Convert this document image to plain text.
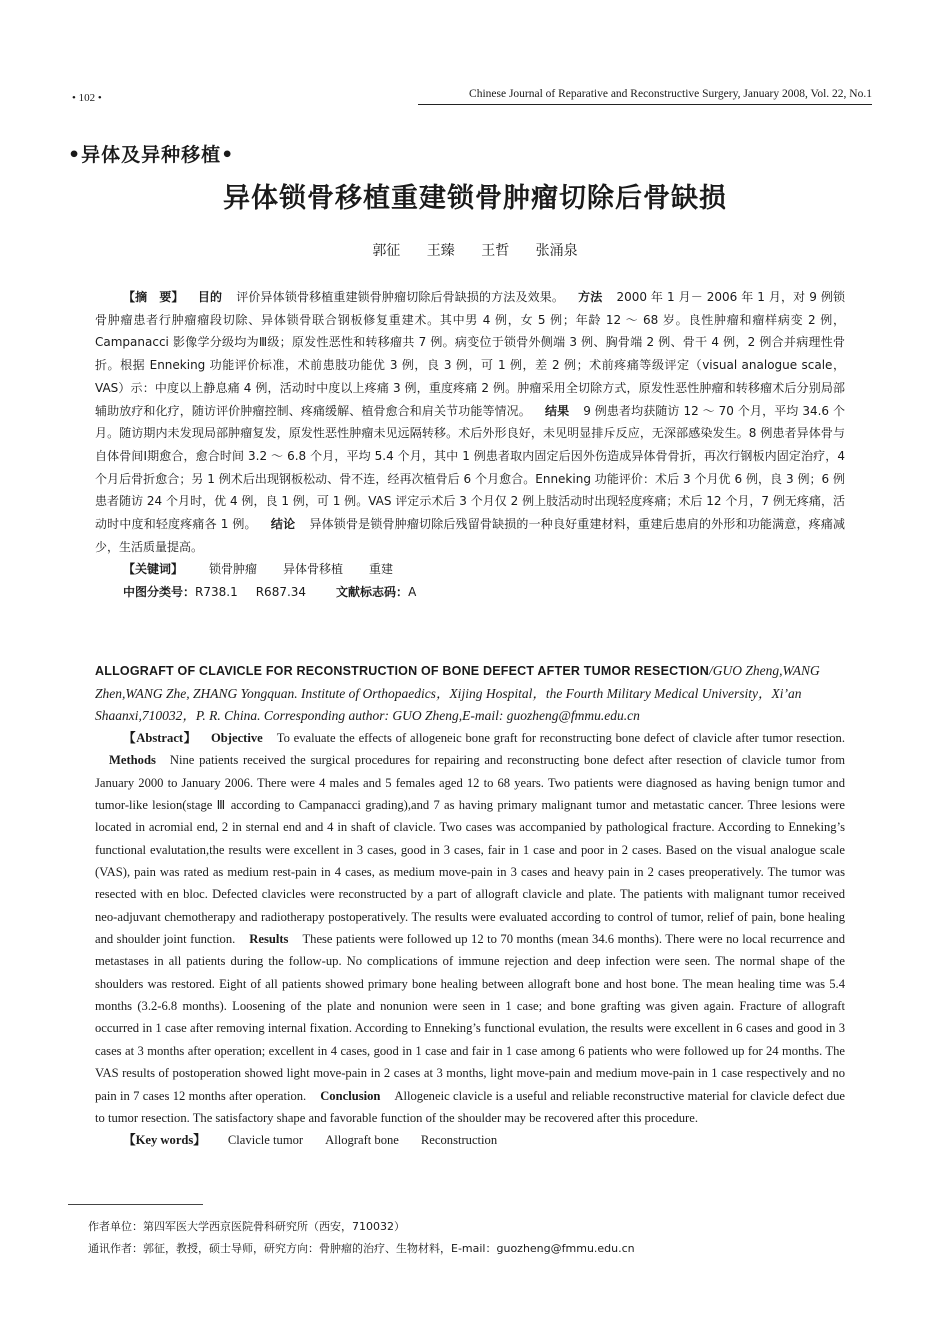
• 102 •	Chinese Journal of Reparative and Reconstructive Surgery, January 2008, Vol. 22, No.1
•异体及异种移植•
异体锁骨移植重建锁骨肿瘤切除后骨缺损
郭征 王臻 王哲 张涌泉

【摘　要】 目的 评价异体锁骨移植重建锁骨肿瘤切除后骨缺损的方法及效果。 方法 2000 年 1 月－ 2006 年 1 月，对 9 例锁骨肿瘤患者行肿瘤瘤段切除、异体锁骨联合钢板修复重建术。其中男 4 例，女 5 例；年龄 12 ～ 68 岁。良性肿瘤和瘤样病变 2 例，Campanacci 影像学分级均为Ⅲ级；原发性恶性和转移瘤共 7 例。病变位于锁骨外侧端 3 例、胸骨端 2 例、骨干 4 例，2 例合并病理性骨折。根据 Enneking 功能评价标准，术前患肢功能优 3 例，良 3 例，可 1 例，差 2 例；术前疼痛等级评定（visual analogue scale，VAS）示：中度以上静息痛 4 例，活动时中度以上疼痛 3 例，重度疼痛 2 例。肿瘤采用全切除方式，原发性恶性肿瘤和转移瘤术后分别局部辅助放疗和化疗，随访评价肿瘤控制、疼痛缓解、植骨愈合和肩关节功能等情况。 结果 9 例患者均获随访 12 ～ 70 个月，平均 34.6 个月。随访期内未发现局部肿瘤复发，原发性恶性肿瘤未见远隔转移。术后外形良好，未见明显排斥反应，无深部感染发生。8 例患者异体骨与自体骨间Ⅰ期愈合，愈合时间 3.2 ～ 6.8 个月，平均 5.4 个月，其中 1 例患者取内固定后因外伤造成异体骨骨折，再次行钢板内固定治疗，4 个月后骨折愈合；另 1 例术后出现钢板松动、骨不连，经再次植骨后 6 个月愈合。Enneking 功能评价：术后 3 个月优 6 例，良 3 例；6 例患者随访 24 个月时，优 4 例，良 1 例，可 1 例。VAS 评定示术后 3 个月仅 2 例上肢活动时出现轻度疼痛；术后 12 个月，7 例无疼痛，活动时中度和轻度疼痛各 1 例。 结论 异体锁骨是锁骨肿瘤切除后残留骨缺损的一种良好重建材料，重建后患肩的外形和功能满意，疼痛减少，生活质量提高。

【关键词】 锁骨肿瘤 异体骨移植 重建

中图分类号：R738.1 R687.34	文献标志码：A

ALLOGRAFT OF CLAVICLE FOR RECONSTRUCTION OF BONE DEFECT AFTER TUMOR RESECTION/GUO Zheng,WANG Zhen,WANG Zhe, ZHANG Yongquan. Institute of Orthopaedics，Xijing Hospital，the Fourth Military Medical University，Xi’an Shaanxi,710032，P. R. China. Corresponding author: GUO Zheng,E-mail: guozheng@fmmu.edu.cn

【Abstract】 Objective To evaluate the effects of allogeneic bone graft for reconstructing bone defect of clavicle after tumor resection.Methods Nine patients received the surgical procedures for repairing and reconstructing bone defect after resection of clavicle tumor from January 2000 to January 2006. There were 4 males and 5 females aged 12 to 68 years. Two patients were diagnosed as having benign tumor and tumor-like lesion(stage Ⅲ according to Campanacci grading),and 7 as having primary malignant tumor and metastatic cancer. Three lesions were located in acromial end, 2 in sternal end and 4 in shaft of clavicle. Two cases was accompanied by pathological fracture. According to Enneking’s functional evalutation,the results were excellent in 3 cases, good in 3 cases, fair in 1 case and poor in 2 cases. Based on the visual analogue scale (VAS), pain was rated as medium rest-pain in 4 cases, as medium move-pain in 3 cases and heavy pain in 2 cases preoperatively. The tumor was resected with en bloc. Defected clavicles were reconstructed by a part of allograft clavicle and plate. The patients with malignant tumor received neo-adjuvant chemotherapy and radiotherapy postoperatively. The results were evaluated according to control of tumor, relief of pain, bone healing and shoulder joint function. Results These patients were followed up 12 to 70 months (mean 34.6 months). There were no local recurrence and metastases in all patients during the follow-up. No complications of immune rejection and deep infection were seen. The normal shape of the shoulders was restored. Eight of all patients showed primary bone healing between allograft bone and host bone. The mean healing time was 5.4 months (3.2-6.8 months). Loosening of the plate and nonunion were seen in 1 case; and bone grafting was given again. Fracture of allograft occurred in 1 case after removing internal fixation. According to Enneking’s functional evulation, the results were excellent in 6 cases and good in 3 cases at 3 months after operation; excellent in 4 cases, good in 1 case and fair in 1 case among 6 patients who were followed up for 24 months. The VAS results of postoperation showed light move-pain in 2 cases at 3 months, light move-pain and medium move-pain in 1 case respectively and no pain in 7 cases 12 months after operation. Conclusion Allogeneic clavicle is a useful and reliable reconstructive material for clavicle defect due to tumor resection. The satisfactory shape and favorable function of the shoulder may be recovered after this procedure.

【Key words】 Clavicle tumor Allograft bone Reconstruction

作者单位：第四军医大学西京医院骨科研究所（西安，710032）
通讯作者：郭征，教授，硕士导师，研究方向：骨肿瘤的治疗、生物材料，E-mail：guozheng@fmmu.edu.cn
